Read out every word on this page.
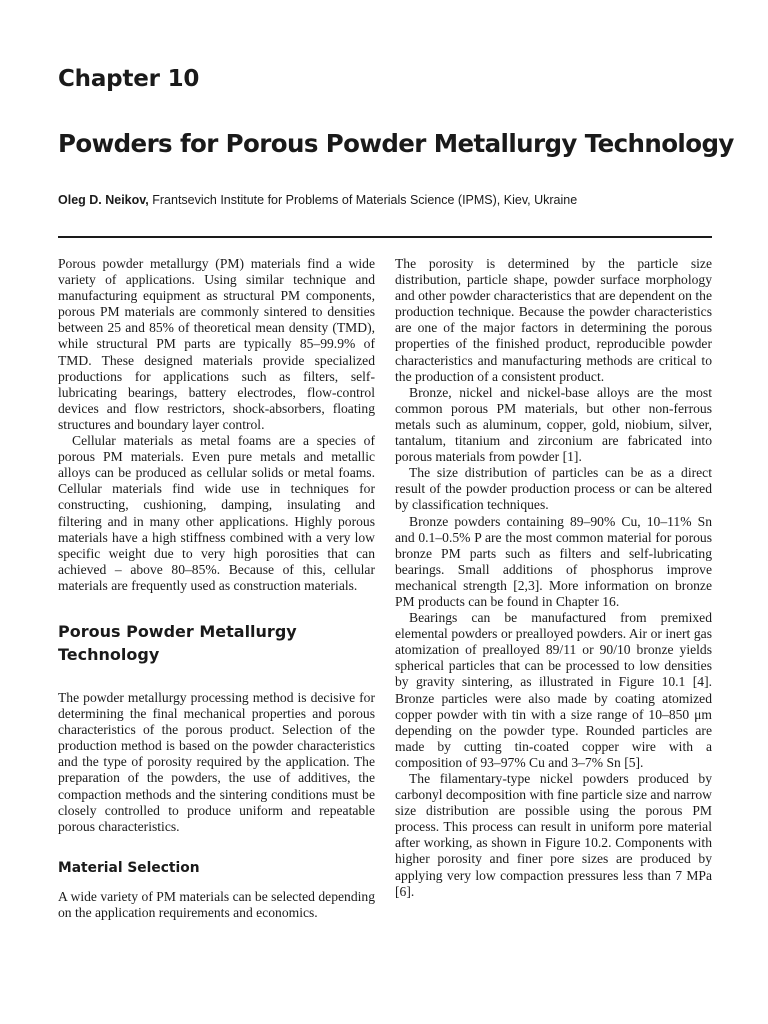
Chapter 10
Powders for Porous Powder Metallurgy Technology
Oleg D. Neikov, Frantsevich Institute for Problems of Materials Science (IPMS), Kiev, Ukraine

Porous powder metallurgy (PM) materials find a wide variety of applications. Using similar technique and manufacturing equipment as structural PM components, porous PM materials are commonly sintered to densities between 25 and 85% of theoretical mean density (TMD), while structural PM parts are typically 85–99.9% of TMD. These designed materials provide specialized productions for applications such as filters, self-lubricating bearings, battery electrodes, flow-control devices and flow restrictors, shock-absorbers, floating structures and boundary layer control.

Cellular materials as metal foams are a species of porous PM materials. Even pure metals and metallic alloys can be produced as cellular solids or metal foams. Cellular materials find wide use in techniques for constructing, cushioning, damping, insulating and filtering and in many other applications. Highly porous materials have a high stiffness combined with a very low specific weight due to very high porosities that can achieved – above 80–85%. Because of this, cellular materials are frequently used as construction materials.

Porous Powder Metallurgy Technology

The powder metallurgy processing method is decisive for determining the final mechanical properties and porous characteristics of the porous product. Selection of the production method is based on the powder characteristics and the type of porosity required by the application. The preparation of the powders, the use of additives, the compaction methods and the sintering conditions must be closely controlled to produce uniform and repeatable porous characteristics.

Material Selection

A wide variety of PM materials can be selected depending on the application requirements and economics.

The porosity is determined by the particle size distribution, particle shape, powder surface morphology and other powder characteristics that are dependent on the production technique. Because the powder characteristics are one of the major factors in determining the porous properties of the finished product, reproducible powder characteristics and manufacturing methods are critical to the production of a consistent product.

Bronze, nickel and nickel-base alloys are the most common porous PM materials, but other non-ferrous metals such as aluminum, copper, gold, niobium, silver, tantalum, titanium and zirconium are fabricated into porous materials from powder [1].

The size distribution of particles can be as a direct result of the powder production process or can be altered by classification techniques.

Bronze powders containing 89–90% Cu, 10–11% Sn and 0.1–0.5% P are the most common material for porous bronze PM parts such as filters and self-lubricating bearings. Small additions of phosphorus improve mechanical strength [2,3]. More information on bronze PM products can be found in Chapter 16.

Bearings can be manufactured from premixed elemental powders or prealloyed powders. Air or inert gas atomization of prealloyed 89/11 or 90/10 bronze yields spherical particles that can be processed to low densities by gravity sintering, as illustrated in Figure 10.1 [4]. Bronze particles were also made by coating atomized copper powder with tin with a size range of 10–850 μm depending on the powder type. Rounded particles are made by cutting tin-coated copper wire with a composition of 93–97% Cu and 3–7% Sn [5].

The filamentary-type nickel powders produced by carbonyl decomposition with fine particle size and narrow size distribution are possible using the porous PM process. This process can result in uniform pore material after working, as shown in Figure 10.2. Components with higher porosity and finer pore sizes are produced by applying very low compaction pressures less than 7 MPa [6].
